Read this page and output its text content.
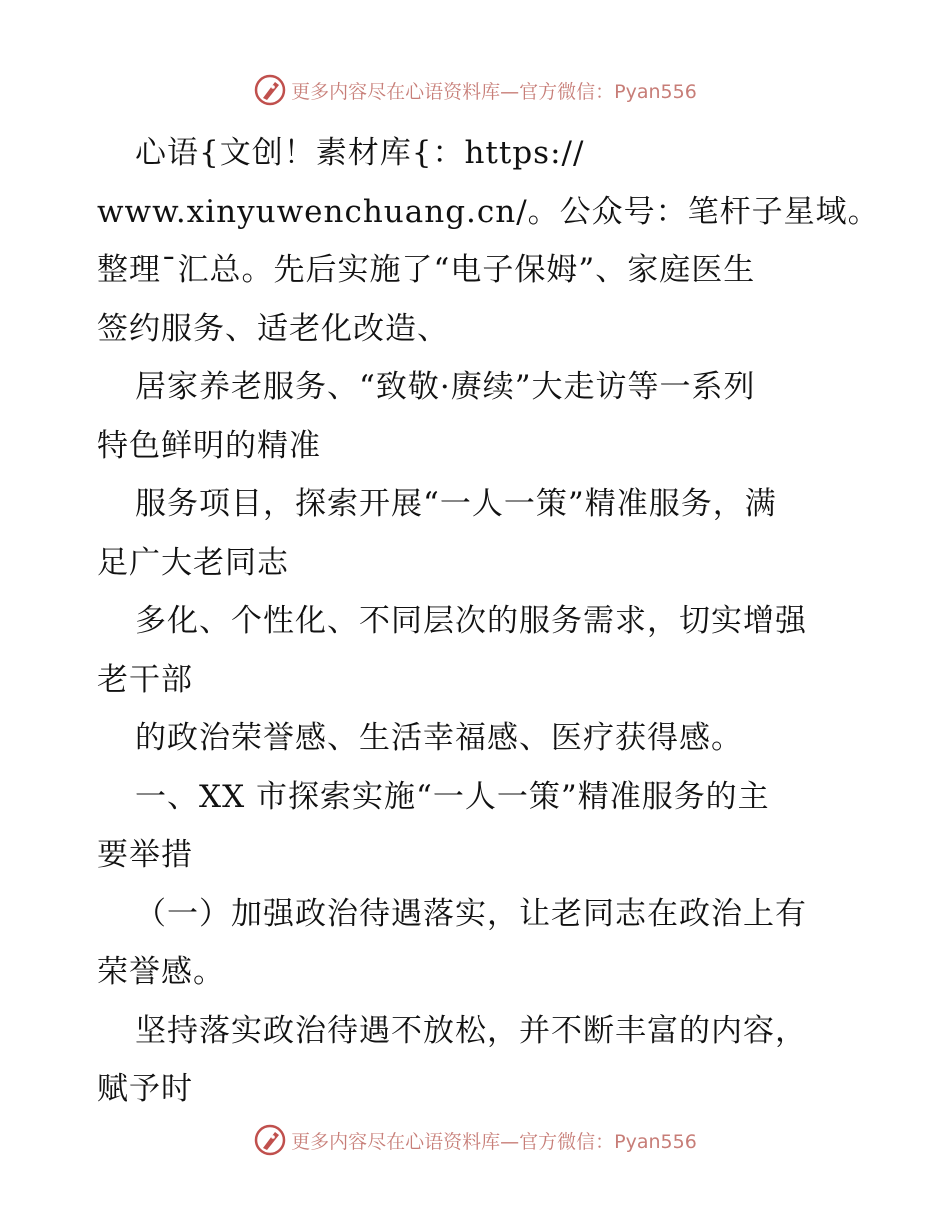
更多内容尽在心语资料库—官方微信：Pyan556

心语{文创！素材库{：https://

www.xinyuwenchuang.cn/。公众号：笔杆子星域。

整理¯汇总。先后实施了“电子保姆”、家庭医生

签约服务、适老化改造、

居家养老服务、“致敬·赓续”大走访等一系列

特色鲜明的精准

服务项目，探索开展“一人一策”精准服务，满

足广大老同志

多化、个性化、不同层次的服务需求，切实增强

老干部

的政治荣誉感、生活幸福感、医疗获得感。

一、XX 市探索实施“一人一策”精准服务的主

要举措

（一）加强政治待遇落实，让老同志在政治上有

荣誉感。

坚持落实政治待遇不放松，并不断丰富的内容，

赋予时

更多内容尽在心语资料库—官方微信：Pyan556
